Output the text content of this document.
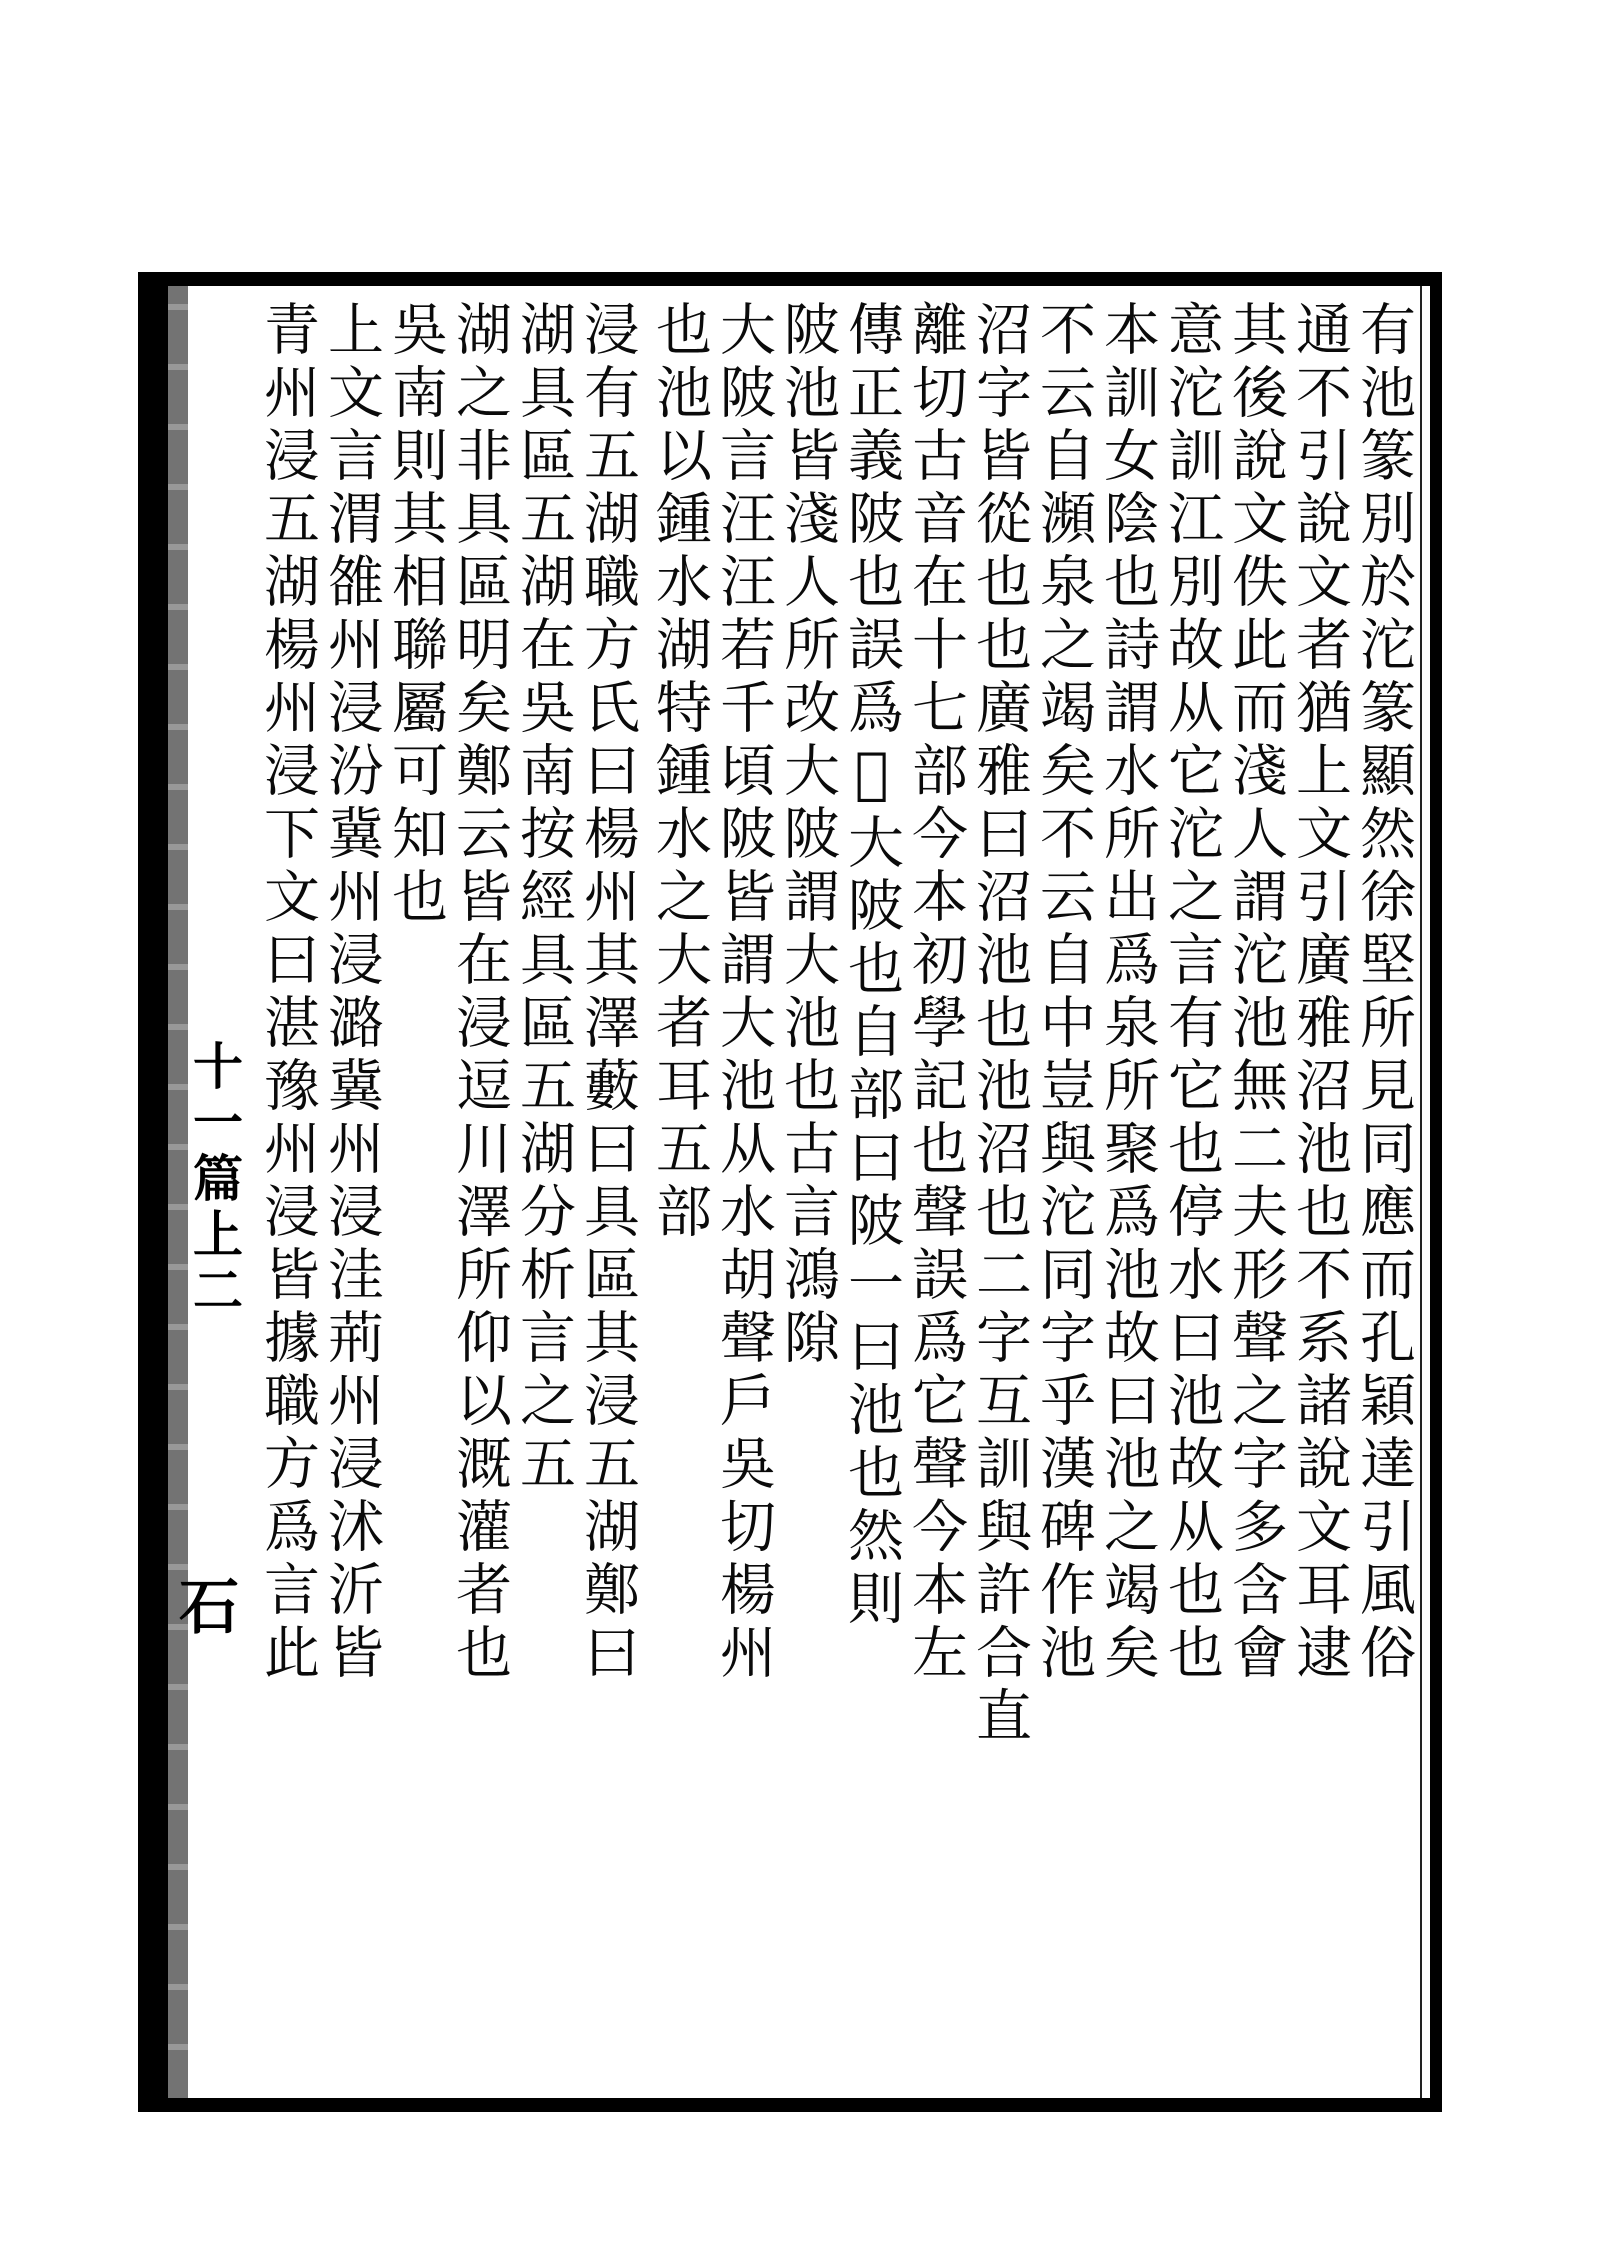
十一篇上二
石	有池篆別於沱篆顯然徐堅所見同應而孔穎達引風俗
通不引說文者猶上文引廣雅沼池也不系諸說文耳逮
其後說文佚此而淺人謂沱池無二夫形聲之字多含會
意沱訓江別故从它沱之言有它也停水曰池故从也也
本訓女陰也詩謂水所出爲泉所聚爲池故曰池之竭矣
不云自瀕泉之竭矣不云自中豈與沱同字乎漢碑作池
沼字皆從也也廣雅曰沼池也池沼也二字互訓與許合直
離切古音在十七部今本初學記也聲誤爲它聲今本左
傳正義陂也誤爲𣴑大陂也自部曰陂一曰池也然則
陂池皆淺人所改大陂謂大池也古言鴻隙
大陂言汪汪若千頃陂皆謂大池从水胡聲戶吳切楊州
也池以鍾水湖特鍾水之大者耳五部
浸有五湖職方氏曰楊州其澤藪曰具區其浸五湖鄭曰
湖具區五湖在吳南按經具區五湖分析言之五
湖之非具區明矣鄭云皆在浸逗川澤所仰以溉灌者也
吳南則其相聯屬可知也
上文言渭雒州浸汾冀州浸潞冀州浸洼荊州浸沭沂皆
青州浸五湖楊州浸下文曰湛豫州浸皆據職方爲言此
